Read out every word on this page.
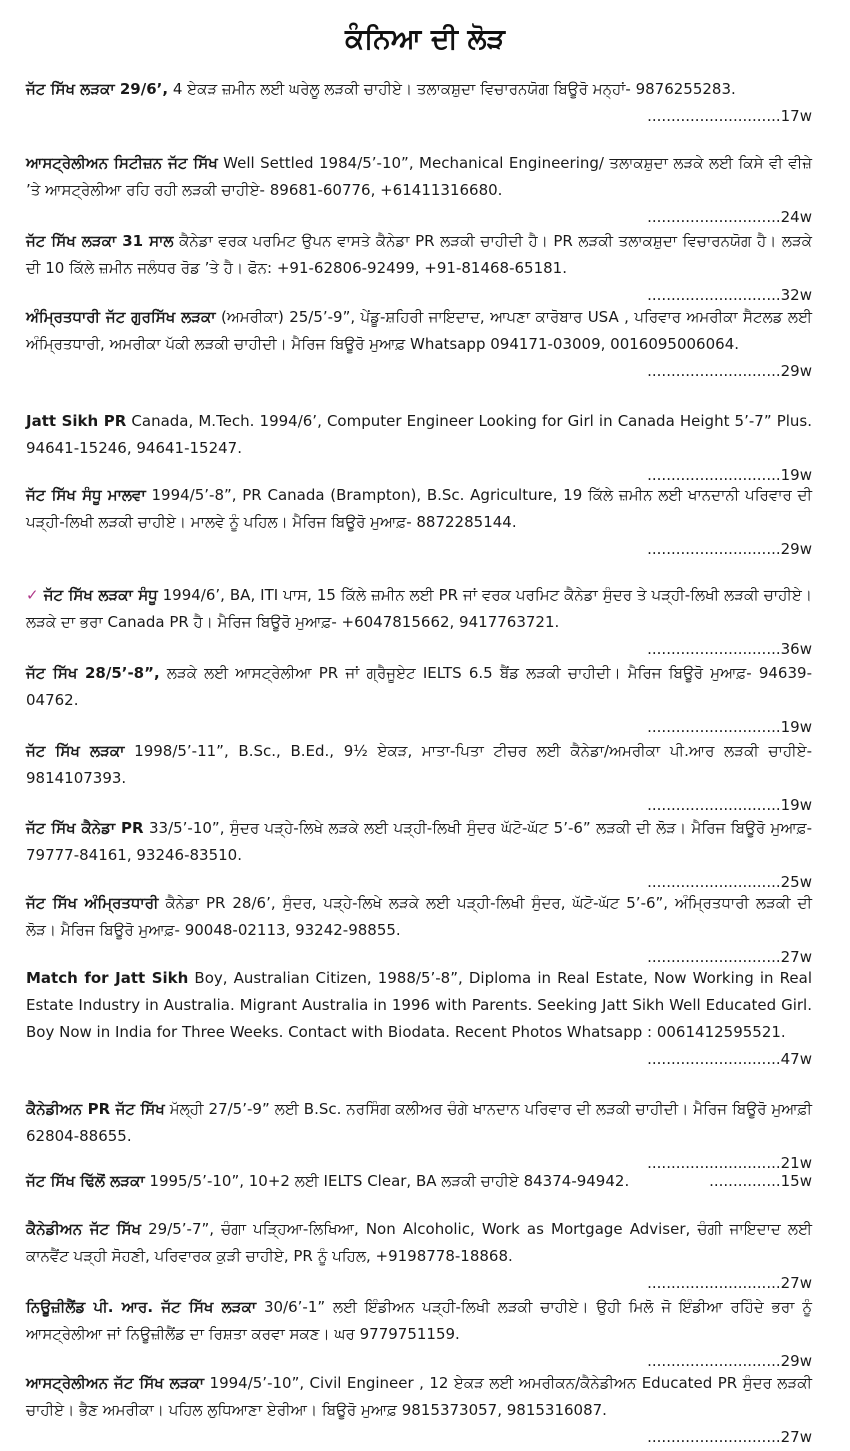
ਕੰਨਿਆ ਦੀ ਲੋੜ

ਜੱਟ ਸਿੱਖ ਲੜਕਾ 29/6’, 4 ਏਕੜ ਜ਼ਮੀਨ ਲਈ ਘਰੇਲੂ ਲੜਕੀ ਚਾਹੀਏ। ਤਲਾਕਸ਼ੁਦਾ ਵਿਚਾਰਨਯੋਗ ਬਿਊਰੋ ਮਨ੍ਹਾਂ- 9876255283.

............................17w

ਆਸਟ੍ਰੇਲੀਅਨ ਸਿਟੀਜ਼ਨ ਜੱਟ ਸਿੱਖ Well Settled 1984/5’-10”, Mechanical Engineering/ ਤਲਾਕਸ਼ੁਦਾ ਲੜਕੇ ਲਈ ਕਿਸੇ ਵੀ ਵੀਜ਼ੇ ’ਤੇ ਆਸਟ੍ਰੇਲੀਆ ਰਹਿ ਰਹੀ ਲੜਕੀ ਚਾਹੀਏ- 89681-60776, +61411316680.

............................24w

ਜੱਟ ਸਿੱਖ ਲੜਕਾ 31 ਸਾਲ ਕੈਨੇਡਾ ਵਰਕ ਪਰਮਿਟ ਉਪਨ ਵਾਸਤੇ ਕੈਨੇਡਾ PR ਲੜਕੀ ਚਾਹੀਦੀ ਹੈ। PR ਲੜਕੀ ਤਲਾਕਸ਼ੁਦਾ ਵਿਚਾਰਨਯੋਗ ਹੈ। ਲੜਕੇ ਦੀ 10 ਕਿੱਲੇ ਜ਼ਮੀਨ ਜਲੰਧਰ ਰੋਡ ’ਤੇ ਹੈ। ਫੋਨ: +91-62806-92499, +91-81468-65181.

............................32w

ਅੰਮ੍ਰਿਤਧਾਰੀ ਜੱਟ ਗੁਰਸਿੱਖ ਲੜਕਾ (ਅਮਰੀਕਾ) 25/5’-9”, ਪੇਂਡੂ-ਸ਼ਹਿਰੀ ਜਾਇਦਾਦ, ਆਪਣਾ ਕਾਰੋਬਾਰ USA , ਪਰਿਵਾਰ ਅਮਰੀਕਾ ਸੈਟਲਡ ਲਈ ਅੰਮ੍ਰਿਤਧਾਰੀ, ਅਮਰੀਕਾ ਪੱਕੀ ਲੜਕੀ ਚਾਹੀਦੀ। ਮੈਰਿਜ ਬਿਊਰੋ ਮੁਆਫ਼ Whatsapp 094171-03009, 0016095006064.

............................29w

Jatt Sikh PR Canada, M.Tech. 1994/6’, Computer Engineer Looking for Girl in Canada Height 5’-7” Plus. 94641-15246, 94641-15247.

............................19w

ਜੱਟ ਸਿੱਖ ਸੰਧੂ ਮਾਲਵਾ 1994/5’-8”, PR Canada (Brampton), B.Sc. Agriculture, 19 ਕਿੱਲੇ ਜ਼ਮੀਨ ਲਈ ਖਾਨਦਾਨੀ ਪਰਿਵਾਰ ਦੀ ਪੜ੍ਹੀ-ਲਿਖੀ ਲੜਕੀ ਚਾਹੀਏ। ਮਾਲਵੇ ਨੂੰ ਪਹਿਲ। ਮੈਰਿਜ ਬਿਊਰੋ ਮੁਆਫ਼- 8872285144.

............................29w

✓ ਜੱਟ ਸਿੱਖ ਲੜਕਾ ਸੰਧੂ 1994/6’, BA, ITI ਪਾਸ, 15 ਕਿੱਲੇ ਜ਼ਮੀਨ ਲਈ PR ਜਾਂ ਵਰਕ ਪਰਮਿਟ ਕੈਨੇਡਾ ਸੁੰਦਰ ਤੇ ਪੜ੍ਹੀ-ਲਿਖੀ ਲੜਕੀ ਚਾਹੀਏ। ਲੜਕੇ ਦਾ ਭਰਾ Canada PR ਹੈ। ਮੈਰਿਜ ਬਿਊਰੋ ਮੁਆਫ਼- +6047815662, 9417763721.

............................36w

ਜੱਟ ਸਿੱਖ 28/5’-8”, ਲੜਕੇ ਲਈ ਆਸਟ੍ਰੇਲੀਆ PR ਜਾਂ ਗ੍ਰੈਜੂਏਟ IELTS 6.5 ਬੈਂਡ ਲੜਕੀ ਚਾਹੀਦੀ। ਮੈਰਿਜ ਬਿਊਰੋ ਮੁਆਫ਼- 94639-04762.

............................19w

ਜੱਟ ਸਿੱਖ ਲੜਕਾ 1998/5’-11”, B.Sc., B.Ed., 9½ ਏਕੜ, ਮਾਤਾ-ਪਿਤਾ ਟੀਚਰ ਲਈ ਕੈਨੇਡਾ/ਅਮਰੀਕਾ ਪੀ.ਆਰ ਲੜਕੀ ਚਾਹੀਏ- 9814107393.

............................19w

ਜੱਟ ਸਿੱਖ ਕੈਨੇਡਾ PR 33/5’-10”, ਸੁੰਦਰ ਪੜ੍ਹੇ-ਲਿਖੇ ਲੜਕੇ ਲਈ ਪੜ੍ਹੀ-ਲਿਖੀ ਸੁੰਦਰ ਘੱਟੋ-ਘੱਟ 5’-6” ਲੜਕੀ ਦੀ ਲੋੜ। ਮੈਰਿਜ ਬਿਊਰੋ ਮੁਆਫ਼- 79777-84161, 93246-83510.

............................25w

ਜੱਟ ਸਿੱਖ ਅੰਮ੍ਰਿਤਧਾਰੀ ਕੈਨੇਡਾ PR 28/6’, ਸੁੰਦਰ, ਪੜ੍ਹੇ-ਲਿਖੇ ਲੜਕੇ ਲਈ ਪੜ੍ਹੀ-ਲਿਖੀ ਸੁੰਦਰ, ਘੱਟੋ-ਘੱਟ 5’-6”, ਅੰਮ੍ਰਿਤਧਾਰੀ ਲੜਕੀ ਦੀ ਲੋੜ। ਮੈਰਿਜ ਬਿਊਰੋ ਮੁਆਫ਼- 90048-02113, 93242-98855.

............................27w

Match for Jatt Sikh Boy, Australian Citizen, 1988/5’-8”, Diploma in Real Estate, Now Working in Real Estate Industry in Australia. Migrant Australia in 1996 with Parents. Seeking Jatt Sikh Well Educated Girl. Boy Now in India for Three Weeks. Contact with Biodata. Recent Photos Whatsapp : 0061412595521.

............................47w

ਕੈਨੇਡੀਅਨ PR ਜੱਟ ਸਿੱਖ ਮੱਲ੍ਹੀ 27/5’-9” ਲਈ B.Sc. ਨਰਸਿੰਗ ਕਲੀਅਰ ਚੰਗੇ ਖਾਨਦਾਨ ਪਰਿਵਾਰ ਦੀ ਲੜਕੀ ਚਾਹੀਦੀ। ਮੈਰਿਜ ਬਿਊਰੋ ਮੁਆਫ਼ੀ 62804-88655.

............................21w

...............15w
ਜੱਟ ਸਿੱਖ ਢਿੱਲੋਂ ਲੜਕਾ 1995/5’-10”, 10+2 ਲਈ IELTS Clear, BA ਲੜਕੀ ਚਾਹੀਏ 84374-94942.

ਕੈਨੇਡੀਅਨ ਜੱਟ ਸਿੱਖ 29/5’-7”, ਚੰਗਾ ਪੜ੍ਹਿਆ-ਲਿਖਿਆ, Non Alcoholic, Work as Mortgage Adviser, ਚੰਗੀ ਜਾਇਦਾਦ ਲਈ ਕਾਨਵੈਂਟ ਪੜ੍ਹੀ ਸੋਹਣੀ, ਪਰਿਵਾਰਕ ਕੁੜੀ ਚਾਹੀਏ, PR ਨੂੰ ਪਹਿਲ, +9198778-18868.

............................27w

ਨਿਊਜ਼ੀਲੈਂਡ ਪੀ. ਆਰ. ਜੱਟ ਸਿੱਖ ਲੜਕਾ 30/6’-1” ਲਈ ਇੰਡੀਅਨ ਪੜ੍ਹੀ-ਲਿਖੀ ਲੜਕੀ ਚਾਹੀਏ। ਉਹੀ ਮਿਲੋ ਜੋ ਇੰਡੀਆ ਰਹਿੰਦੇ ਭਰਾ ਨੂੰ ਆਸਟ੍ਰੇਲੀਆ ਜਾਂ ਨਿਊਜ਼ੀਲੈਂਡ ਦਾ ਰਿਸ਼ਤਾ ਕਰਵਾ ਸਕਣ। ਘਰ 9779751159.

............................29w

ਆਸਟ੍ਰੇਲੀਅਨ ਜੱਟ ਸਿੱਖ ਲੜਕਾ 1994/5’-10”, Civil Engineer , 12 ਏਕੜ ਲਈ ਅਮਰੀਕਨ/ਕੈਨੇਡੀਅਨ Educated PR ਸੁੰਦਰ ਲੜਕੀ ਚਾਹੀਏ। ਭੈਣ ਅਮਰੀਕਾ। ਪਹਿਲ ਲੁਧਿਆਣਾ ਏਰੀਆ। ਬਿਊਰੋ ਮੁਆਫ਼ 9815373057, 9815316087.

............................27w
